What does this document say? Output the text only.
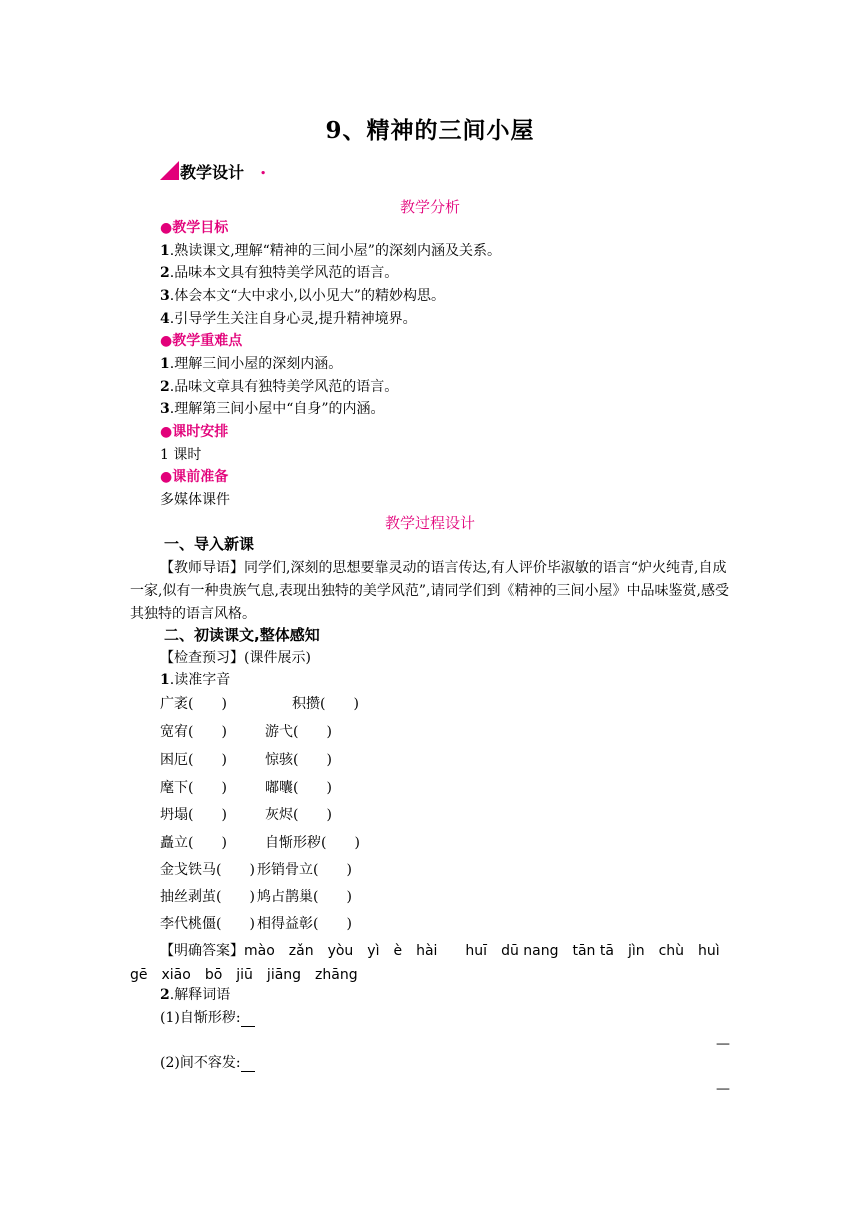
9、精神的三间小屋
教学设计 .
教学分析
●教学目标
1.熟读课文,理解“精神的三间小屋”的深刻内涵及关系。
2.品味本文具有独特美学风范的语言。
3.体会本文“大中求小,以小见大”的精妙构思。
4.引导学生关注自身心灵,提升精神境界。
●教学重难点
1.理解三间小屋的深刻内涵。
2.品味文章具有独特美学风范的语言。
3.理解第三间小屋中“自身”的内涵。
●课时安排
1 课时
●课前准备
多媒体课件
教学过程设计
一、导入新课
【教师导语】同学们,深刻的思想要靠灵动的语言传达,有人评价毕淑敏的语言“炉火纯青,自成一家,似有一种贵族气息,表现出独特的美学风范”,请同学们到《精神的三间小屋》中品味鉴赏,感受其独特的语言风格。
二、初读课文,整体感知
【检查预习】(课件展示)
1.读准字音
广袤(　　)	积攒(　　)
宽宥(　　)	游弋(　　)
困厄(　　)	惊骇(　　)
麾下(　　)	嘟囔(　　)
坍塌(　　)	灰烬(　　)
矗立(　　)	自惭形秽(　　)
金戈铁马(　　) 形销骨立(　　)
抽丝剥茧(　　) 鸠占鹊巢(　　)
李代桃僵(　　) 相得益彰(　　)
【明确答案】mào　zǎn　yòu　yì　è　hài　　huī　dū nang　tān tā　jìn　chù　huì
gē　xiāo　bō　jiū　jiāng　zhāng
2.解释词语
(1)自惭形秽:
—
(2)间不容发:
—
